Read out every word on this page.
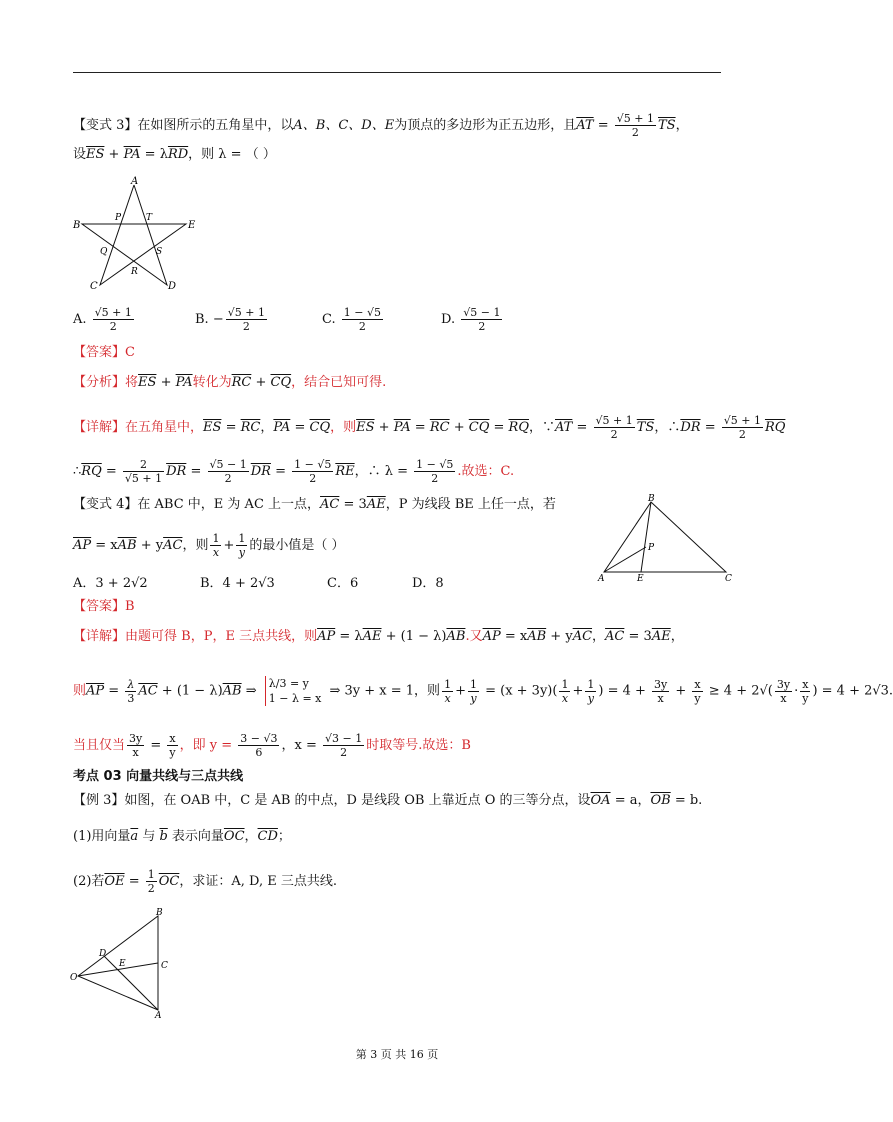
【变式 3】在如图所示的五角星中，以A、B、C、D、E为顶点的多边形为正五边形，且$\overline{AT} = \frac{√5 + 1}{2} \overline{TS}$，
设$\overline{ES} + \overline{PA} = \lambda\overline{RD}$，则 λ = （ ）
A
B	E
C	D
P	T
Q	S
R
A. $\frac{√5 + 1}{2}$	B. − $\frac{√5 + 1}{2}$	C. $\frac{1 - √5}{2}$	D. $\frac{√5 - 1}{2}$
【答案】C
【分析】将$\overline{ES} + \overline{PA}$转化为$\overline{RC} + \overline{CQ}$，结合已知可得.
【详解】在五角星中，$\overline{ES} = \overline{RC}$，$\overline{PA} = \overline{CQ}$，则$\overline{ES} + \overline{PA} = \overline{RC} + \overline{CQ} = \overline{RQ}$，$\because\overline{AT} = \frac{√5 + 1}{2} \overline{TS}$，$\therefore\overline{DR} = \frac{√5 + 1}{2} \overline{RQ}$
$\therefore\overline{RQ} = \frac{2}{√5 + 1} \overline{DR} = \frac{√5 - 1}{2} \overline{DR} = \frac{1 - √5}{2} \overline{RE}$，∴ $\lambda = \frac{1 - √5}{2}$ .故选：C.
【变式 4】在 ABC 中，E 为 AC 上一点，$\overline{AC} = 3\overline{AE}$，P 为线段 BE 上任一点，若
$\overline{AP} = x\overline{AB} + y\overline{AC}$，则 $\frac{1}{x} + \frac{1}{y}$ 的最小值是（ ）
B
A	E	C
P
A．3 + 2√2	B．4 + 2√3	C．6	D．8
【答案】B
【详解】由题可得 B，P，E 三点共线，则$\overline{AP} = \lambda\overline{AE} + (1 - \lambda)\overline{AB}$.又$\overline{AP} = x\overline{AB} + y\overline{AC}$，$\overline{AC} = 3\overline{AE}$，
则$\overline{AP} = \frac{\lambda}{3} \overline{AC} + (1 - \lambda)\overline{AB}$ ⇒ λ/3 = y
1 − λ = x ⇒ 3y + x = 1，则 $\frac{1}{x} + \frac{1}{y} = (x + 3y)( \frac{1}{x} + \frac{1}{y}$ ) = $4 + \frac{3y}{x} + \frac{x}{y} \ge 4 + 2√( \frac{3y}{x} \cdot \frac{x}{y}$ ) = 4 + 2√3.
当且仅当 $\frac{3y}{x} = \frac{x}{y}$ ，即 $y = \frac{3 - √3}{6}$ ，$x = \frac{√3 - 1}{2}$ 时取等号.故选：B
考点 03 向量共线与三点共线
【例 3】如图，在 OAB 中，C 是 AB 的中点，D 是线段 OB 上靠近点 O 的三等分点，设$\overline{OA} = a$，$\overline{OB} = b$.
(1)用向量$\overline{a}$ 与 $\overline{b}$ 表示向量$\overline{OC}$，$\overline{CD}$；
(2)若$\overline{OE} = \frac{1}{2} \overline{OC}$，求证：A, D, E 三点共线.
O
B
C
A
D
E
第 3 页 共 16 页
